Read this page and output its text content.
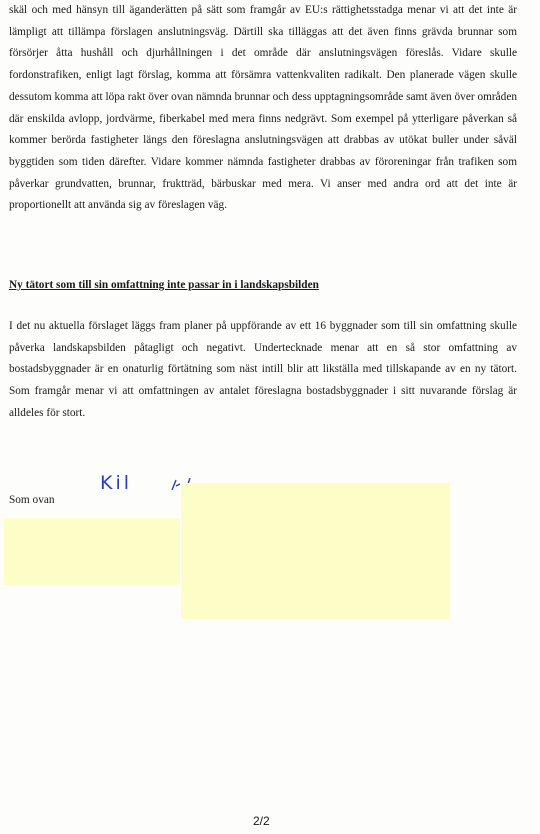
skäl och med hänsyn till äganderätten på sätt som framgår av EU:s rättighetsstadga menar vi att det inte är lämpligt att tillämpa förslagen anslutningsväg. Därtill ska tilläggas att det även finns grävda brunnar som försörjer åtta hushåll och djurhållningen i det område där anslutningsvägen föreslås. Vidare skulle fordonstrafiken, enligt lagt förslag, komma att försämra vattenkvaliten radikalt. Den planerade vägen skulle dessutom komma att löpa rakt över ovan nämnda brunnar och dess upptagningsområde samt även över områden där enskilda avlopp, jordvärme, fiberkabel med mera finns nedgrävt. Som exempel på ytterligare påverkan så kommer berörda fastigheter längs den föreslagna anslutningsvägen att drabbas av utökat buller under såväl byggtiden som tiden därefter. Vidare kommer nämnda fastigheter drabbas av föroreningar från trafiken som påverkar grundvatten, brunnar, fruktträd, bärbuskar med mera. Vi anser med andra ord att det inte är proportionellt att använda sig av föreslagen väg.

Ny tätort som till sin omfattning inte passar in i landskapsbilden

I det nu aktuella förslaget läggs fram planer på uppförande av ett 16 byggnader som till sin omfattning skulle påverka landskapsbilden påtagligt och negativt. Undertecknade menar att en så stor omfattning av bostadsbyggnader är en onaturlig förtätning som näst intill blir att likställa med tillskapande av en ny tätort. Som framgår menar vi att omfattningen av antalet föreslagna bostadsbyggnader i sitt nuvarande förslag är alldeles för stort.

Som ovan

Kil

2/2
